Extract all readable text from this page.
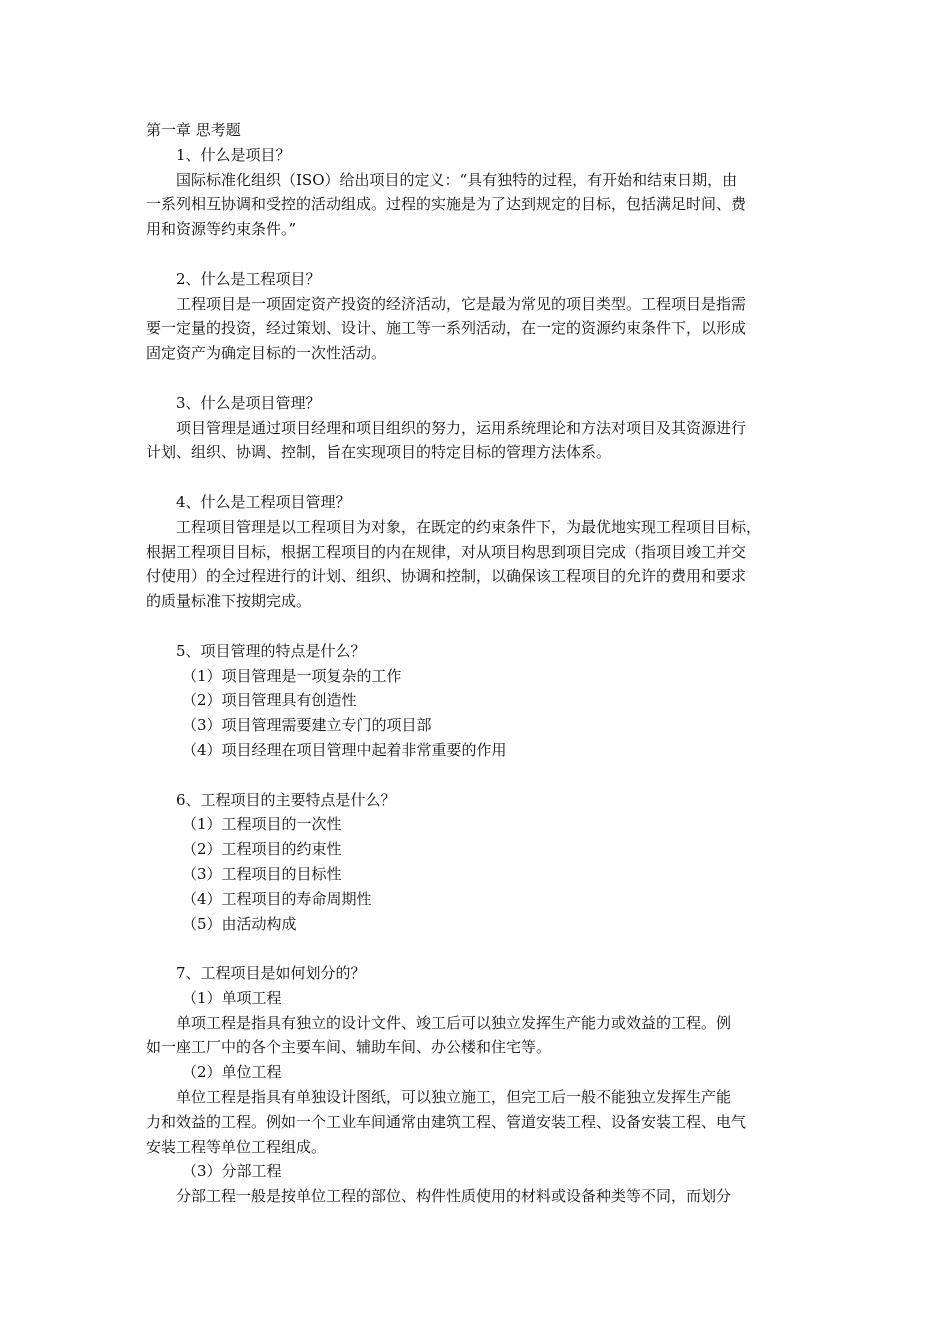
第一章 思考题
1、什么是项目？
国际标准化组织（ISO）给出项目的定义：“具有独特的过程，有开始和结束日期，由
一系列相互协调和受控的活动组成。过程的实施是为了达到规定的目标，包括满足时间、费
用和资源等约束条件。”
2、什么是工程项目？
工程项目是一项固定资产投资的经济活动，它是最为常见的项目类型。工程项目是指需
要一定量的投资，经过策划、设计、施工等一系列活动，在一定的资源约束条件下，以形成
固定资产为确定目标的一次性活动。
3、什么是项目管理？
项目管理是通过项目经理和项目组织的努力，运用系统理论和方法对项目及其资源进行
计划、组织、协调、控制，旨在实现项目的特定目标的管理方法体系。
4、什么是工程项目管理？
工程项目管理是以工程项目为对象，在既定的约束条件下，为最优地实现工程项目目标，
根据工程项目目标，根据工程项目的内在规律，对从项目构思到项目完成（指项目竣工并交
付使用）的全过程进行的计划、组织、协调和控制，以确保该工程项目的允许的费用和要求
的质量标准下按期完成。
5、项目管理的特点是什么？
（1）项目管理是一项复杂的工作
（2）项目管理具有创造性
（3）项目管理需要建立专门的项目部
（4）项目经理在项目管理中起着非常重要的作用
6、工程项目的主要特点是什么？
（1）工程项目的一次性
（2）工程项目的约束性
（3）工程项目的目标性
（4）工程项目的寿命周期性
（5）由活动构成
7、工程项目是如何划分的？
（1）单项工程
单项工程是指具有独立的设计文件、竣工后可以独立发挥生产能力或效益的工程。例
如一座工厂中的各个主要车间、辅助车间、办公楼和住宅等。
（2）单位工程
单位工程是指具有单独设计图纸，可以独立施工，但完工后一般不能独立发挥生产能
力和效益的工程。例如一个工业车间通常由建筑工程、管道安装工程、设备安装工程、电气
安装工程等单位工程组成。
（3）分部工程
分部工程一般是按单位工程的部位、构件性质使用的材料或设备种类等不同，而划分
